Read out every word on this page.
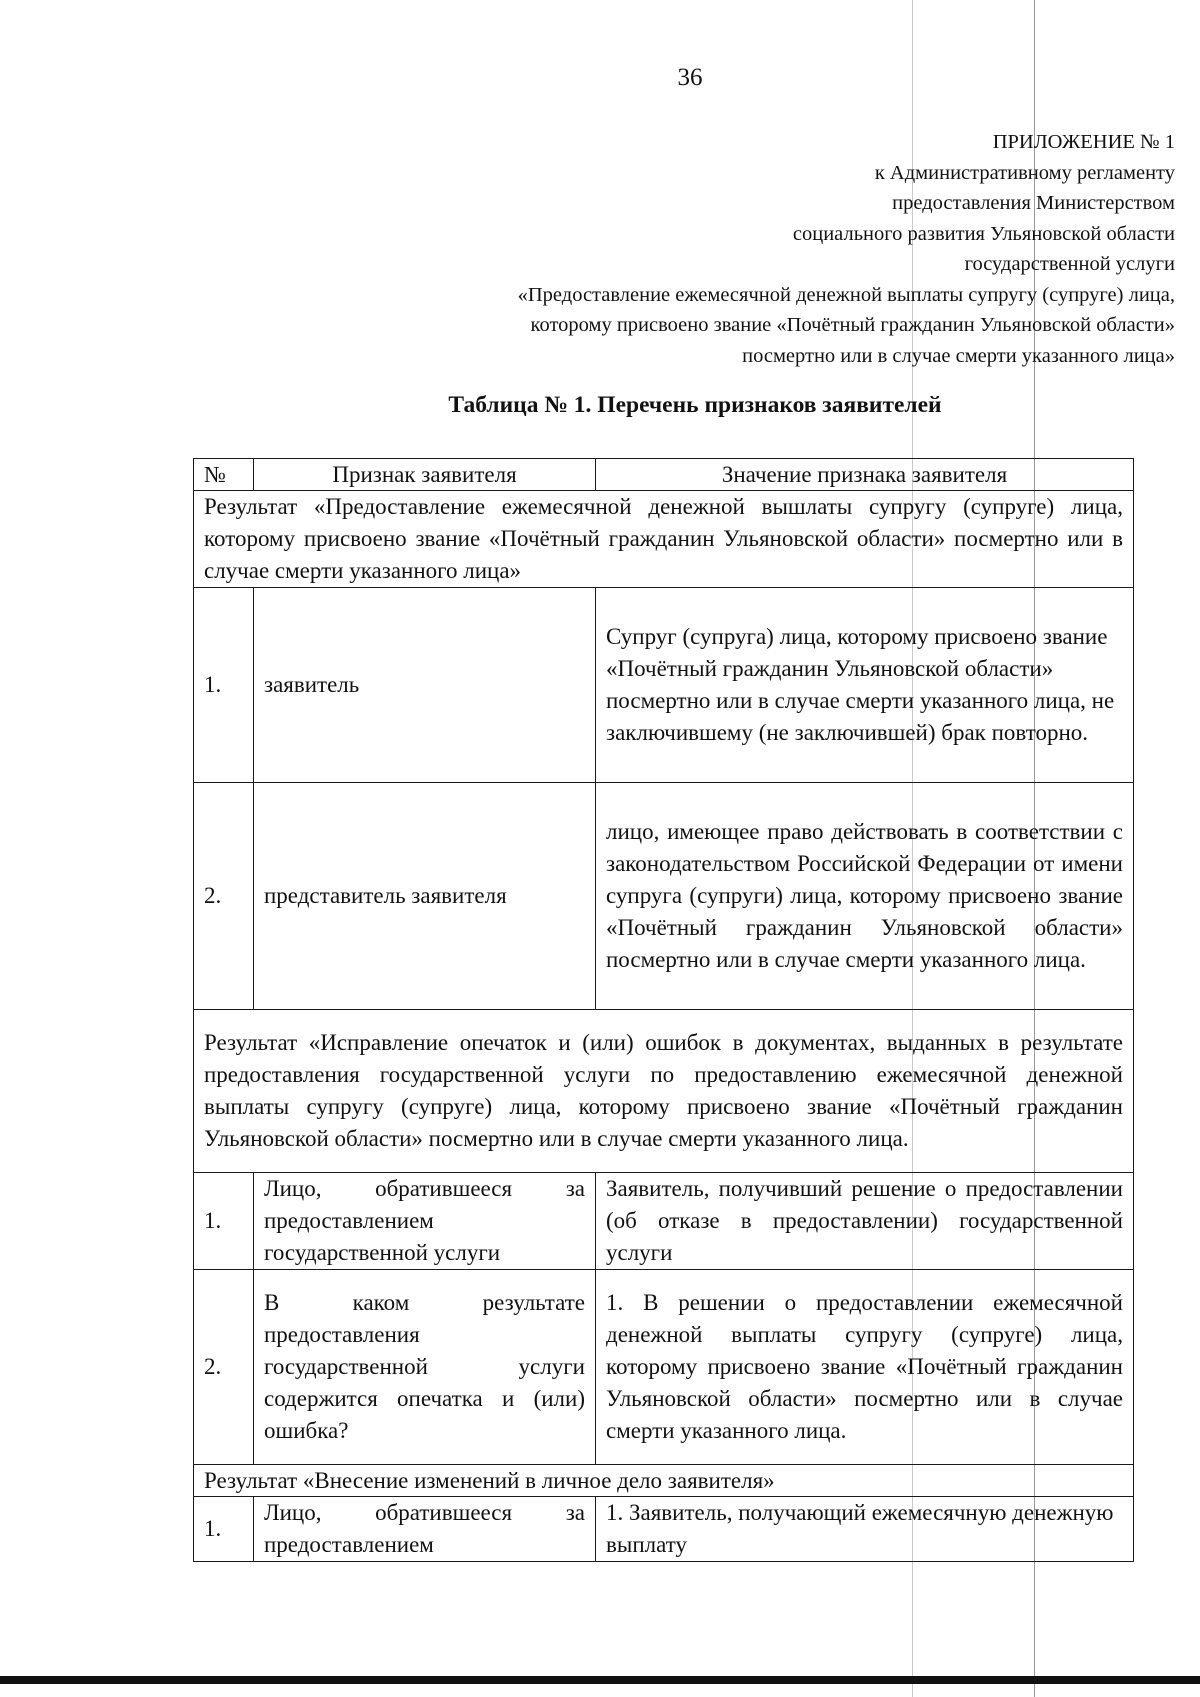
36
ПРИЛОЖЕНИЕ № 1
к Административному регламенту
предоставления Министерством
социального развития Ульяновской области
государственной услуги
«Предоставление ежемесячной денежной выплаты супругу (супруге) лица,
которому присвоено звание «Почётный гражданин Ульяновской области»
посмертно или в случае смерти указанного лица»
Таблица № 1. Перечень признаков заявителей
№	Признак заявителя	Значение признака заявителя
Результат «Предоставление ежемесячной денежной вышлаты супругу (супруге) лица, которому присвоено звание «Почётный гражданин Ульяновской области» посмертно или в случае смерти указанного лица»		
1.	заявитель	Супруг (супруга) лица, которому присвоено звание «Почётный гражданин Ульяновской области» посмертно или в случае смерти указанного лица, не заключившему (не заключившей) брак повторно.
2.	представитель заявителя	лицо, имеющее право действовать в соответствии с законодательством Российской Федерации от имени супруга (супруги) лица, которому присвоено звание «Почётный гражданин Ульяновской области» посмертно или в случае смерти указанного лица.
Результат «Исправление опечаток и (или) ошибок в документах, выданных в результате предоставления государственной услуги по предоставлению ежемесячной денежной выплаты супругу (супруге) лица, которому присвоено звание «Почётный гражданин Ульяновской области» посмертно или в случае смерти указанного лица.		
1.	Лицо, обратившееся за предоставлением государственной услуги	Заявитель, получивший решение о предоставлении (об отказе в предоставлении) государственной услуги
2.	В каком результате предоставления государственной услуги содержится опечатка и (или) ошибка?	1. В решении о предоставлении ежемесячной денежной выплаты супругу (супруге) лица, которому присвоено звание «Почётный гражданин Ульяновской области» посмертно или в случае смерти указанного лица.
Результат «Внесение изменений в личное дело заявителя»		
1.	Лицо, обратившееся за предоставлением	1. Заявитель, получающий ежемесячную денежную выплату
